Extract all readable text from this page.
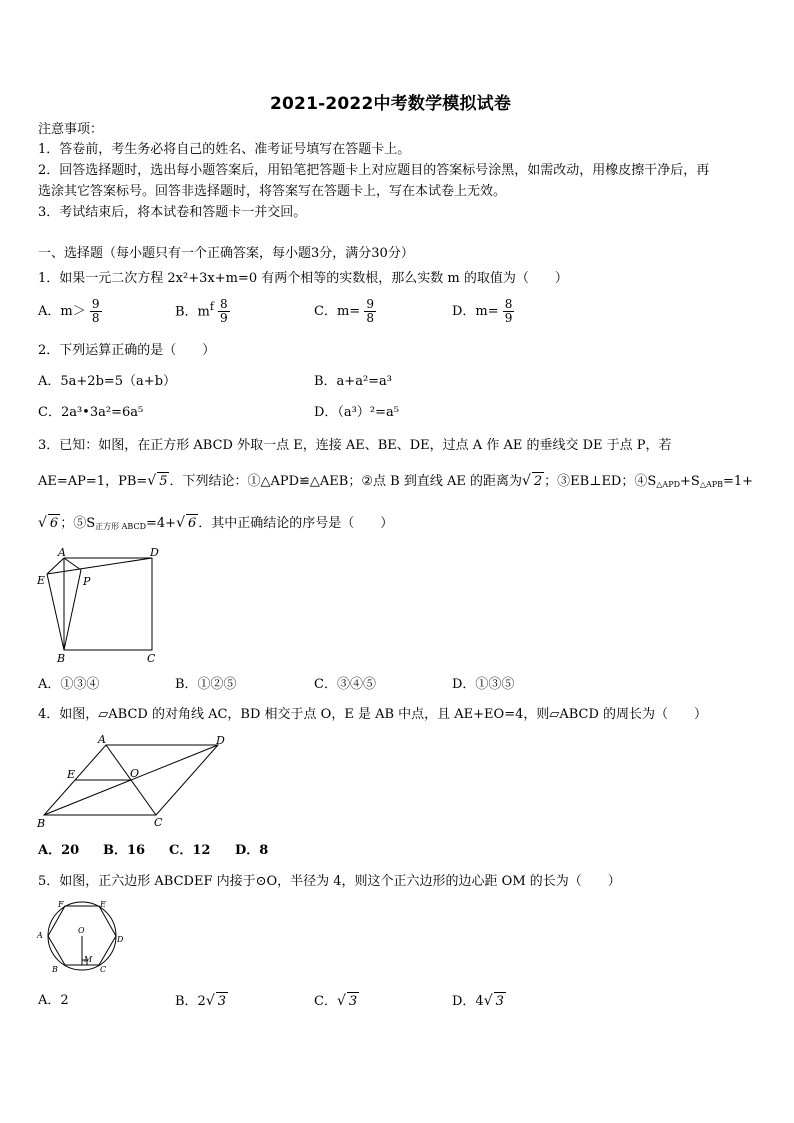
2021-2022中考数学模拟试卷
注意事项：
1．答卷前，考生务必将自己的姓名、准考证号填写在答题卡上。
2．回答选择题时，选出每小题答案后，用铅笔把答题卡上对应题目的答案标号涂黑，如需改动，用橡皮擦干净后，再
选涂其它答案标号。回答非选择题时，将答案写在答题卡上，写在本试卷上无效。
3．考试结束后，将本试卷和答题卡一并交回。
一、选择题（每小题只有一个正确答案，每小题3分，满分30分）
1．如果一元二次方程 2x²+3x+m=0 有两个相等的实数根，那么实数 m 的取值为（　　）
A．$m> \frac{9}{8}$	B．$m^f \frac{8}{9}$	C．$m= \frac{9}{8}$	D．$m= \frac{8}{9}$
2．下列运算正确的是（　　）
A．5a+2b=5（a+b）	B．a+a²=a³
C．2a³•3a²=6a⁵	D．（a³）²=a⁵
3．已知：如图，在正方形 ABCD 外取一点 E，连接 AE、BE、DE，过点 A 作 AE 的垂线交 DE 于点 P，若
AE=AP=1，PB=√ 5 ．下列结论：①△APD≌△AEB；②点 B 到直线 AE 的距离为√ 2 ；③EB⊥ED；$④S_{\triangle APD}+S_{\triangle APB}=1+$
√ 6 ；$⑤S_{正方形 ABCD}=4+√$ 6 ．其中正确结论的序号是（　　）
A	D
E	P
B	C
A．①③④	B．①②⑤	C．③④⑤	D．①③⑤
4．如图，▱ABCD 的对角线 AC，BD 相交于点 O，E 是 AB 中点，且 AE+EO=4，则▱ABCD 的周长为（　　）
A	D
E	O
B	C
A．20 B．16 C．12 D．8
5．如图，正六边形 ABCDEF 内接于⊙O，半径为 4，则这个正六边形的边心距 OM 的长为（　　）
F	E
A	D
O
B
M
C
A．2	B．2√ 3	C．√ 3	D．4√ 3
